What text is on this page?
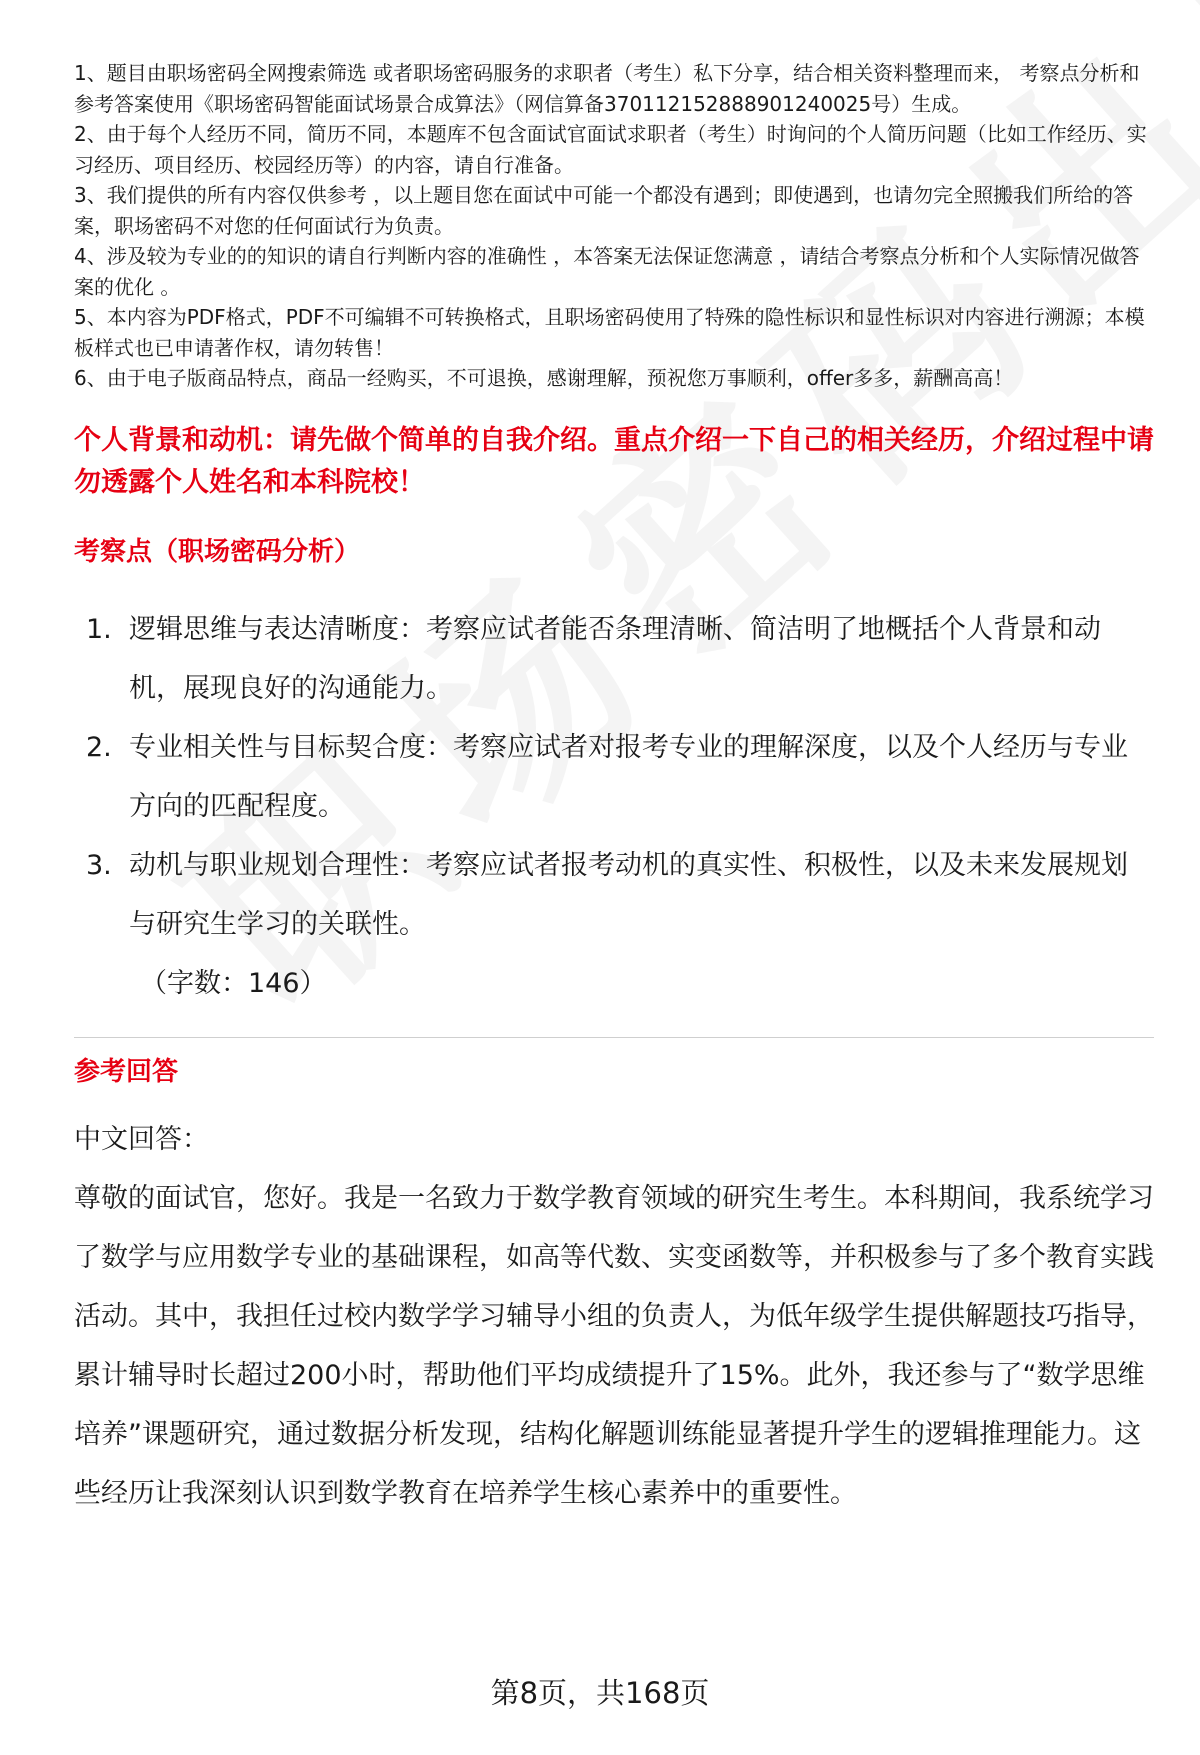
1、题目由职场密码全网搜索筛选 或者职场密码服务的求职者（考生）私下分享，结合相关资料整理而来， 考察点分析和参考答案使用《职场密码智能面试场景合成算法》（网信算备370112152888901240025号）生成。

2、由于每个人经历不同，简历不同，本题库不包含面试官面试求职者（考生）时询问的个人简历问题（比如工作经历、实习经历、项目经历、校园经历等）的内容，请自行准备。

3、我们提供的所有内容仅供参考 ，以上题目您在面试中可能一个都没有遇到；即使遇到，也请勿完全照搬我们所给的答案，职场密码不对您的任何面试行为负责。

4、涉及较为专业的的知识的请自行判断内容的准确性 ，本答案无法保证您满意 ，请结合考察点分析和个人实际情况做答案的优化 。

5、本内容为PDF格式，PDF不可编辑不可转换格式，且职场密码使用了特殊的隐性标识和显性标识对内容进行溯源；本模板样式也已申请著作权，请勿转售！

6、由于电子版商品特点，商品一经购买，不可退换，感谢理解，预祝您万事顺利，offer多多，薪酬高高！

个人背景和动机：请先做个简单的自我介绍。重点介绍一下自己的相关经历，介绍过程中请勿透露个人姓名和本科院校！
考察点（职场密码分析）
1. 逻辑思维与表达清晰度：考察应试者能否条理清晰、简洁明了地概括个人背景和动机，展现良好的沟通能力。
2. 专业相关性与目标契合度：考察应试者对报考专业的理解深度，以及个人经历与专业方向的匹配程度。
3. 动机与职业规划合理性：考察应试者报考动机的真实性、积极性，以及未来发展规划与研究生学习的关联性。
（字数：146）
参考回答

中文回答：

尊敬的面试官，您好。我是一名致力于数学教育领域的研究生考生。本科期间，我系统学习了数学与应用数学专业的基础课程，如高等代数、实变函数等，并积极参与了多个教育实践活动。其中，我担任过校内数学学习辅导小组的负责人，为低年级学生提供解题技巧指导，累计辅导时长超过200小时，帮助他们平均成绩提升了15%。此外，我还参与了“数学思维培养”课题研究，通过数据分析发现，结构化解题训练能显著提升学生的逻辑推理能力。这些经历让我深刻认识到数学教育在培养学生核心素养中的重要性。

第8页，共168页
